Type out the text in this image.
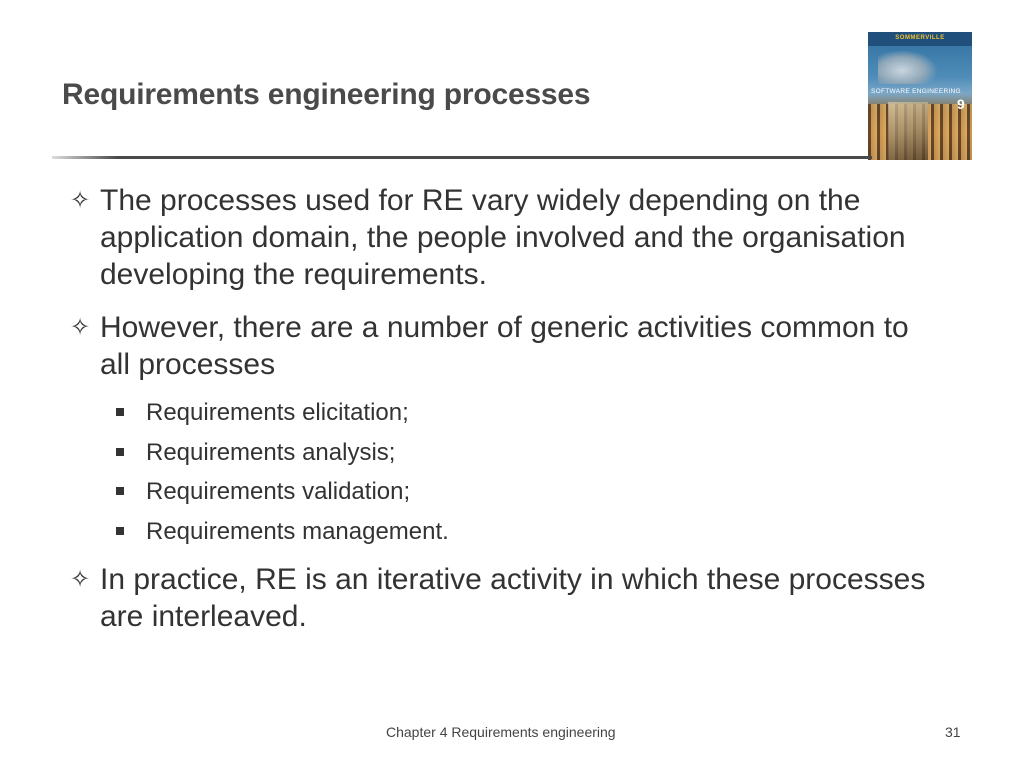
Requirements engineering processes
SOMMERVILLE
SOFTWARE ENGINEERING
9

✧ The processes used for RE vary widely depending on the application domain, the people involved and the organisation developing the requirements.

✧ However, there are a number of generic activities common to all processes

Requirements elicitation;
Requirements analysis;
Requirements validation;
Requirements management.

✧ In practice, RE is an iterative activity in which these processes are interleaved.

Chapter 4 Requirements engineering	31
